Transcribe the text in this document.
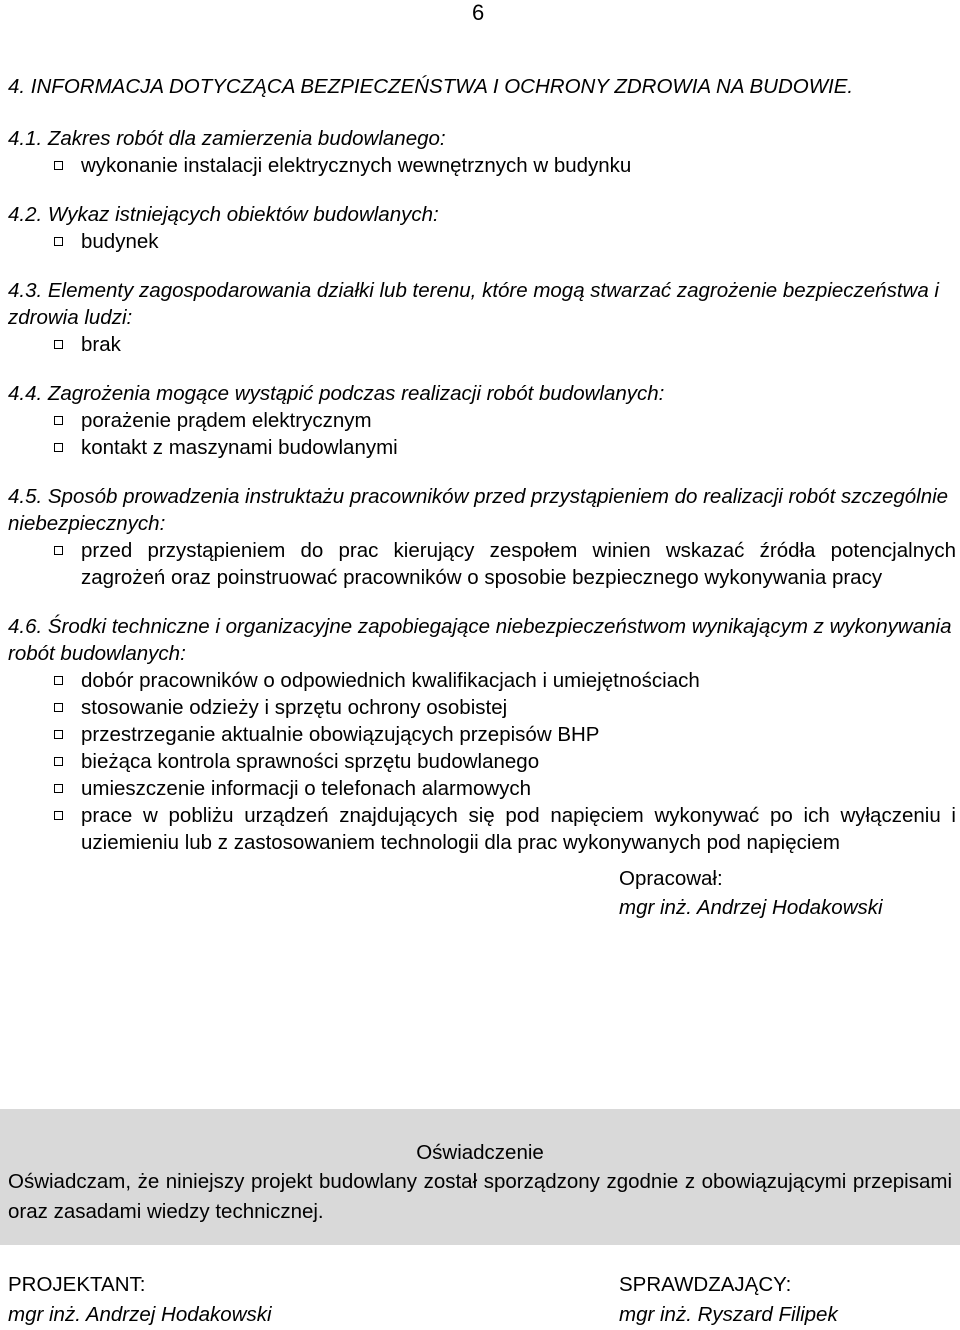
6
4. INFORMACJA DOTYCZĄCA BEZPIECZEŃSTWA I OCHRONY ZDROWIA NA BUDOWIE.
4.1. Zakres robót dla zamierzenia budowlanego:
wykonanie instalacji elektrycznych wewnętrznych w budynku
4.2. Wykaz istniejących obiektów budowlanych:
budynek
4.3. Elementy zagospodarowania działki lub terenu, które mogą stwarzać zagrożenie bezpieczeństwa i zdrowia ludzi:
brak
4.4. Zagrożenia mogące wystąpić podczas realizacji robót budowlanych:
porażenie prądem elektrycznym
kontakt z maszynami budowlanymi
4.5. Sposób prowadzenia instruktażu pracowników przed przystąpieniem do realizacji robót szczególnie niebezpiecznych:
przed przystąpieniem do prac kierujący zespołem winien wskazać źródła potencjalnych zagrożeń oraz poinstruować pracowników o sposobie bezpiecznego wykonywania pracy
4.6. Środki techniczne i organizacyjne zapobiegające niebezpieczeństwom wynikającym z wykonywania robót budowlanych:
dobór pracowników o odpowiednich kwalifikacjach i umiejętnościach
stosowanie odzieży i sprzętu ochrony osobistej
przestrzeganie aktualnie obowiązujących przepisów BHP
bieżąca kontrola sprawności sprzętu budowlanego
umieszczenie informacji o telefonach alarmowych
prace w pobliżu urządzeń znajdujących się pod napięciem wykonywać po ich wyłączeniu i uziemieniu lub z zastosowaniem technologii dla prac wykonywanych pod napięciem
Opracował:
mgr inż. Andrzej Hodakowski
Oświadczenie
Oświadczam, że niniejszy projekt budowlany został sporządzony zgodnie z obowiązującymi przepisami oraz zasadami wiedzy technicznej.
PROJEKTANT:
mgr inż. Andrzej Hodakowski
SPRAWDZAJĄCY:
mgr inż. Ryszard Filipek
